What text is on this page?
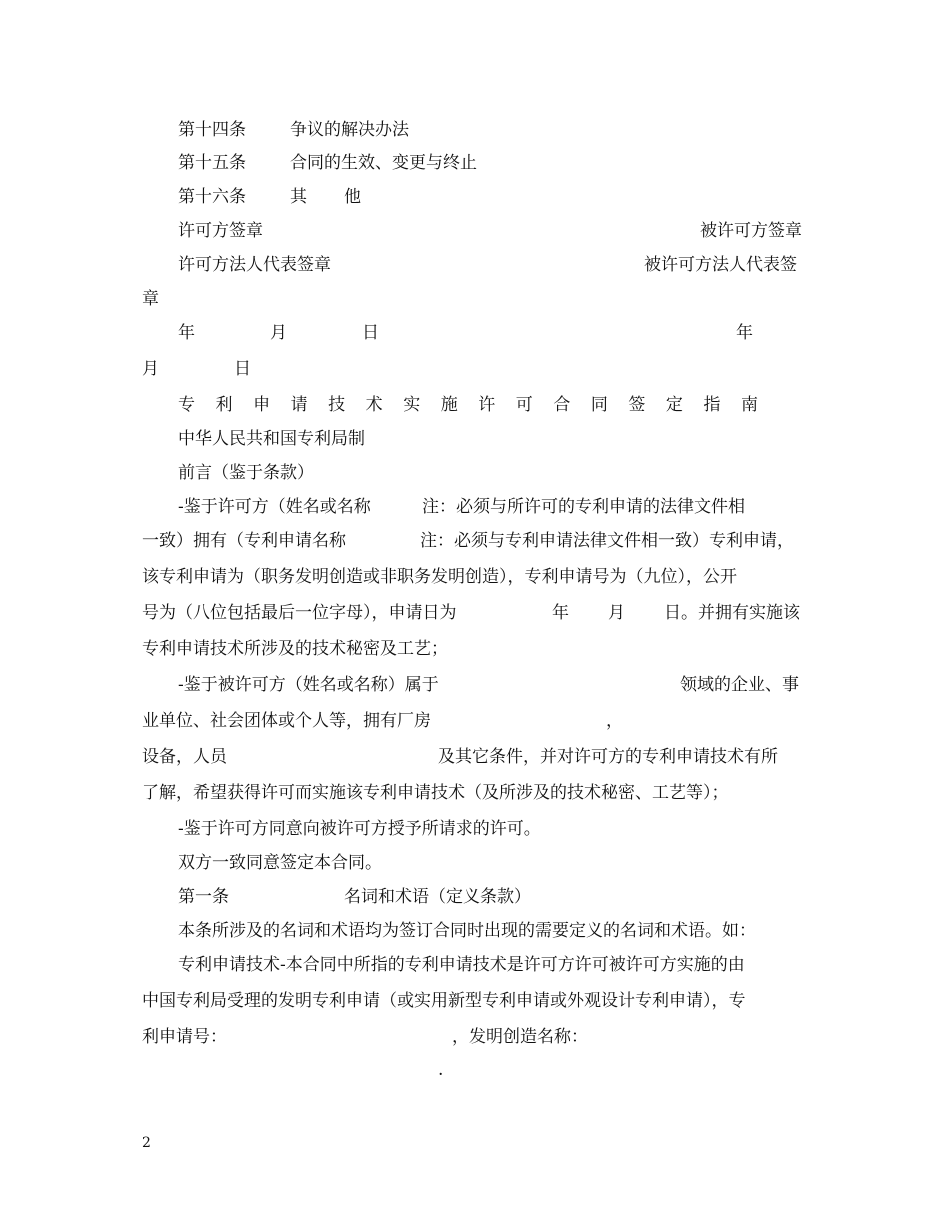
第十四条	争议的解决办法
第十五条	合同的生效、变更与终止
第十六条	其 他
许可方签章	被许可方签章
许可方法人代表签章	被许可方法人代表签
章
年	月	日	年
月	日
专 利 申 请 技 术 实 施 许 可 合 同 签 定 指 南
中华人民共和国专利局制
前言（鉴于条款）
-鉴于许可方（姓名或名称	注：必须与所许可的专利申请的法律文件相
一致）拥有（专利申请名称	注：必须与专利申请法律文件相一致）专利申请，
该专利申请为（职务发明创造或非职务发明创造），专利申请号为（九位），公开
号为（八位包括最后一位字母），申请日为	年 月 日。并拥有实施该
专利申请技术所涉及的技术秘密及工艺；
-鉴于被许可方（姓名或名称）属于	领域的企业、事
业单位、社会团体或个人等，拥有厂房	，
设备，人员	及其它条件，并对许可方的专利申请技术有所
了解，希望获得许可而实施该专利申请技术（及所涉及的技术秘密、工艺等）；
-鉴于许可方同意向被许可方授予所请求的许可。
双方一致同意签定本合同。
第一条	名词和术语（定义条款）
本条所涉及的名词和术语均为签订合同时出现的需要定义的名词和术语。如：
专利申请技术-本合同中所指的专利申请技术是许可方许可被许可方实施的由
中国专利局受理的发明专利申请（或实用新型专利申请或外观设计专利申请），专
利申请号：	，发明创造名称：
.
2
